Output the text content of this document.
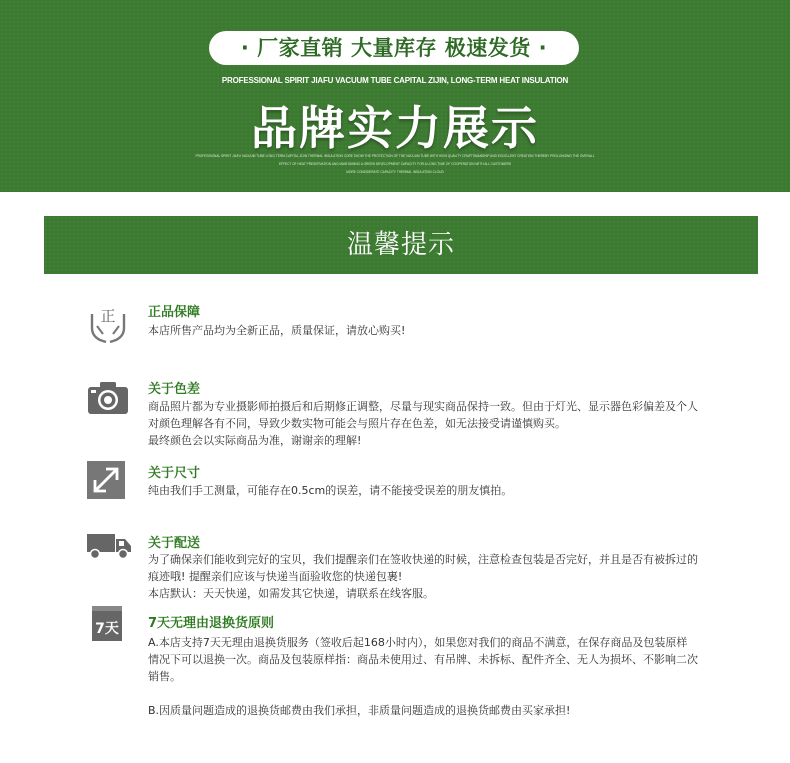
· 厂家直销 大量库存 极速发货 ·
PROFESSIONAL SPIRIT JIAFU VACUUM TUBE CAPITAL ZIJIN, LONG-TERM HEAT INSULATION
品牌实力展示
PROFESSIONAL SPIRIT JIAFU VACUUM TUBE LONG-TERM CAPITAL ZIJIN THERMAL INSULATION CORE SHOW THE PROTECTION OF THE VACUUM TUBE WITH HIGH QUALITY CRAFTSMANSHIP AND EXCELLENT CREATION THEREBY PROLONGING THE OVERALL
EFFECT OF HEAT PRESERVATION AND MAINTAINING A GREEN DEVELOPMENT CAPACITY FOR A LONG TIME OF COOPERATION WITH ALL CUSTOMERS
MORE CONSIDERATE CAPACITY THERMAL INSULATION CLOUD
温馨提示
正 正品保障
本店所售产品均为全新正品，质量保证，请放心购买!
关于色差
商品照片都为专业摄影师拍摄后和后期修正调整，尽量与现实商品保持一致。但由于灯光、显示器色彩偏差及个人
对颜色理解各有不同，导致少数实物可能会与照片存在色差，如无法接受请谨慎购买。
最终颜色会以实际商品为准，谢谢亲的理解!
关于尺寸
纯由我们手工测量，可能存在0.5cm的误差，请不能接受误差的朋友慎拍。
关于配送
为了确保亲们能收到完好的宝贝，我们提醒亲们在签收快递的时候，注意检查包装是否完好，并且是否有被拆过的
痕迹哦! 提醒亲们应该与快递当面验收您的快递包裹!
本店默认：天天快递，如需发其它快递，请联系在线客服。
7天 7天无理由退换货原则
A.本店支持7天无理由退换货服务（签收后起168小时内），如果您对我们的商品不满意，在保存商品及包装原样
情况下可以退换一次。商品及包装原样指：商品未使用过、有吊牌、未拆标、配件齐全、无人为损坏、不影响二次
销售。
B.因质量问题造成的退换货邮费由我们承担，非质量问题造成的退换货邮费由买家承担!
